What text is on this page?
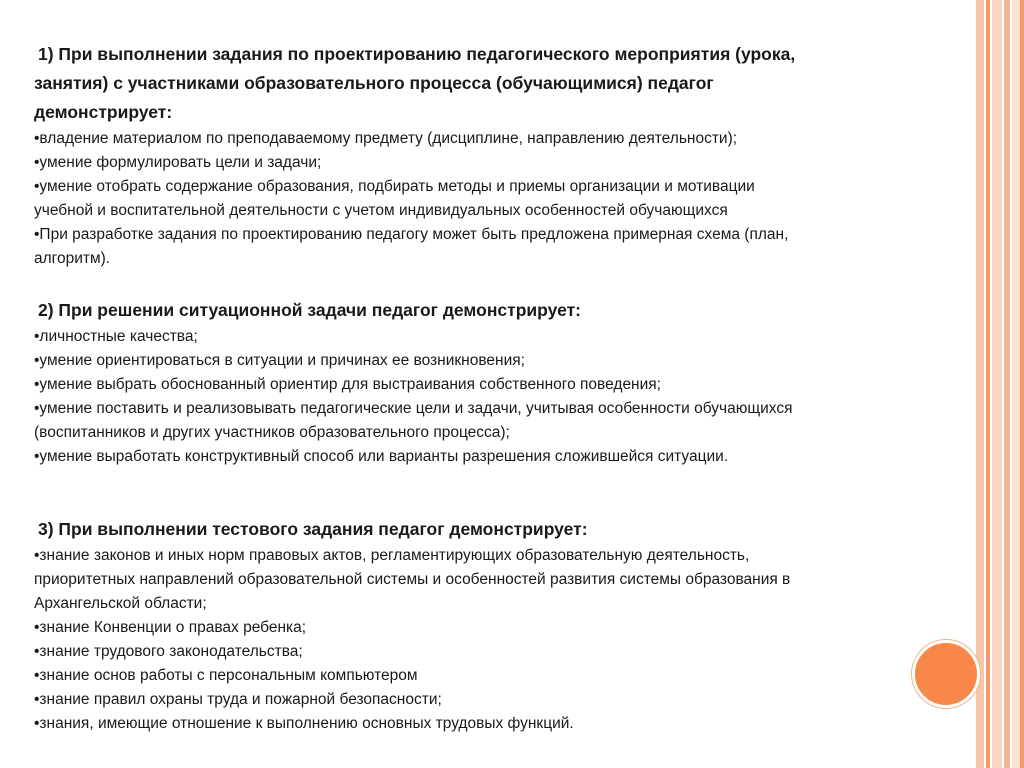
1) При выполнении задания по проектированию педагогического мероприятия (урока,

занятия) с участниками образовательного процесса (обучающимися) педагог

демонстрирует:

•владение материалом по преподаваемому предмету (дисциплине, направлению деятельности);

•умение формулировать цели и задачи;

•умение отобрать содержание образования, подбирать методы и приемы организации и мотивации

учебной и воспитательной деятельности с учетом индивидуальных особенностей обучающихся

•При разработке задания по проектированию педагогу может быть предложена примерная схема (план,

алгоритм).

2) При решении ситуационной задачи педагог демонстрирует:

•личностные качества;

•умение ориентироваться в ситуации и причинах ее возникновения;

•умение выбрать обоснованный ориентир для выстраивания собственного поведения;

•умение поставить и реализовывать педагогические цели и задачи, учитывая особенности обучающихся

(воспитанников и других участников образовательного процесса);

•умение выработать конструктивный способ или варианты разрешения сложившейся ситуации.

3) При выполнении тестового задания педагог демонстрирует:

•знание законов и иных норм правовых актов, регламентирующих образовательную деятельность,

приоритетных направлений образовательной системы и особенностей развития системы образования в

Архангельской области;

•знание Конвенции о правах ребенка;

•знание трудового законодательства;

•знание основ работы с персональным компьютером

•знание правил охраны труда и пожарной безопасности;

•знания, имеющие отношение к выполнению основных трудовых функций.
